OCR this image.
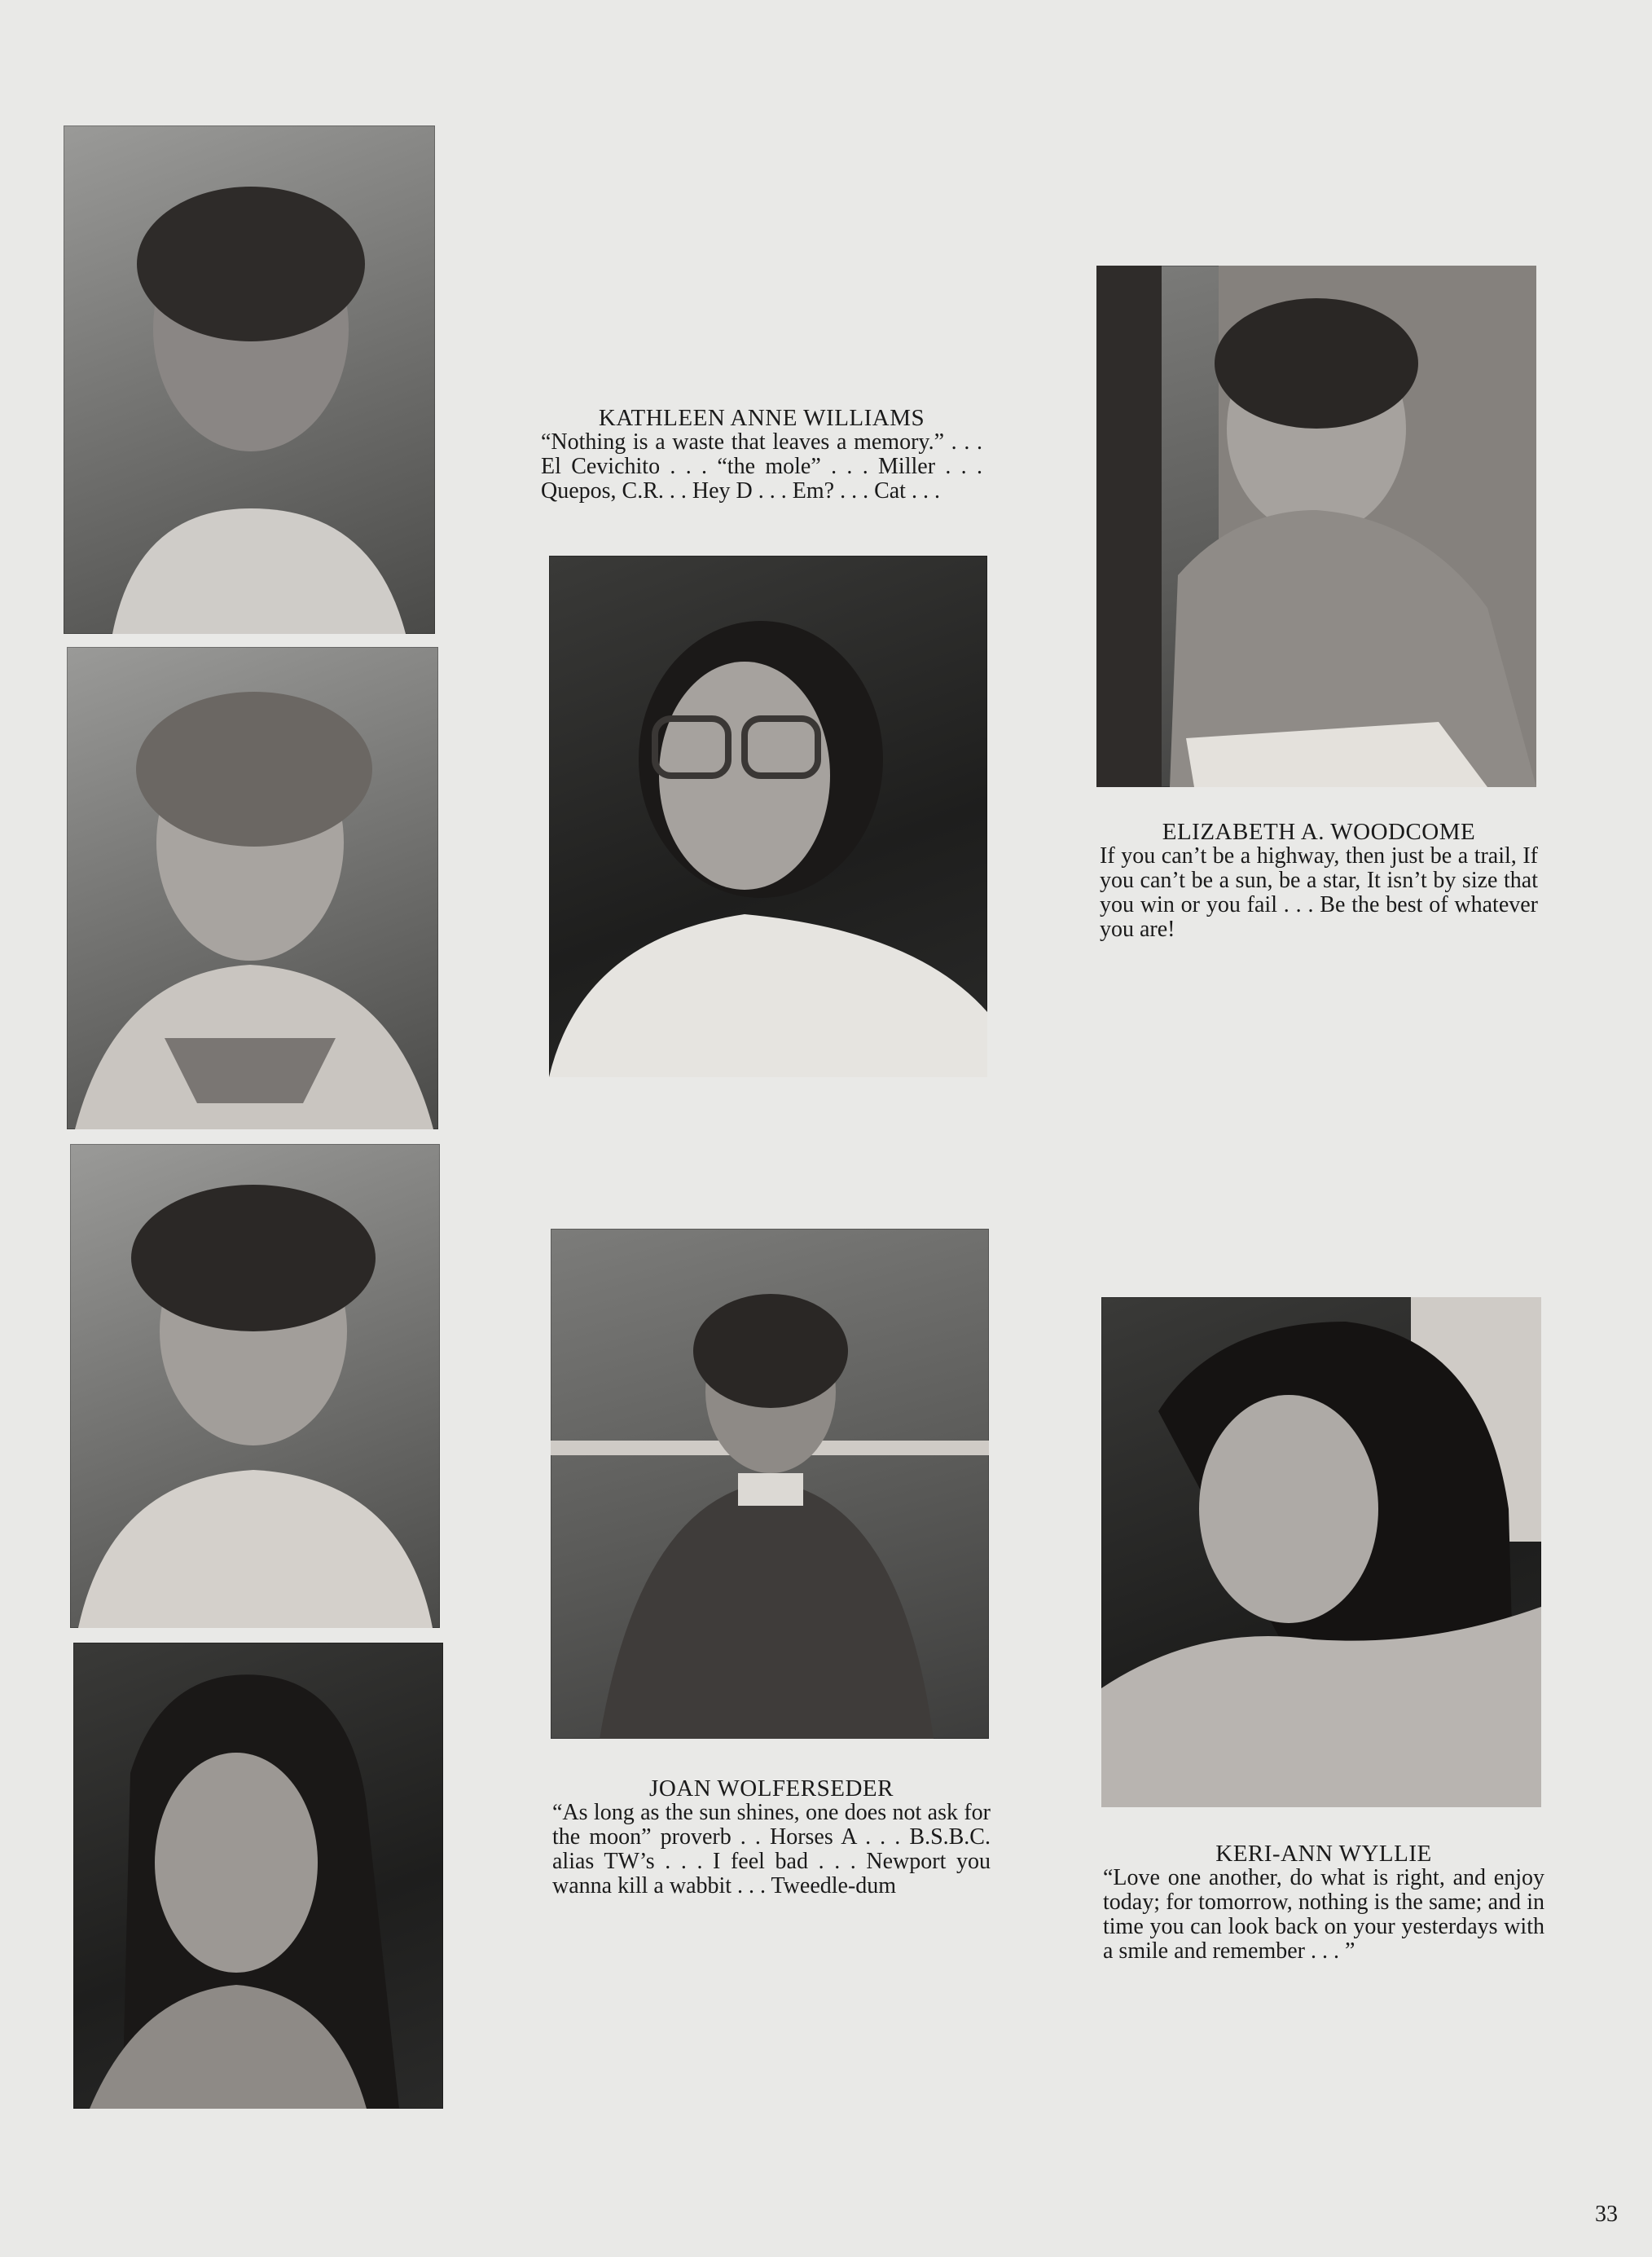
KATHLEEN ANNE WILLIAMS
“Nothing is a waste that leaves a memory.” . . . El Cevichito . . . “the mole” . . . Miller . . . Quepos, C.R. . . Hey D . . . Em? . . . Cat . . .
JOAN WOLFERSEDER
“As long as the sun shines, one does not ask for the moon” proverb . . Horses A . . . B.S.B.C. alias TW’s . . . I feel bad . . . Newport you wanna kill a wabbit . . . Tweedle-dum
ELIZABETH A. WOODCOME
If you can’t be a highway, then just be a trail, If you can’t be a sun, be a star, It isn’t by size that you win or you fail . . . Be the best of whatever you are!
KERI-ANN WYLLIE
“Love one another, do what is right, and enjoy today; for tomorrow, nothing is the same; and in time you can look back on your yesterdays with a smile and remember . . . ”
33
